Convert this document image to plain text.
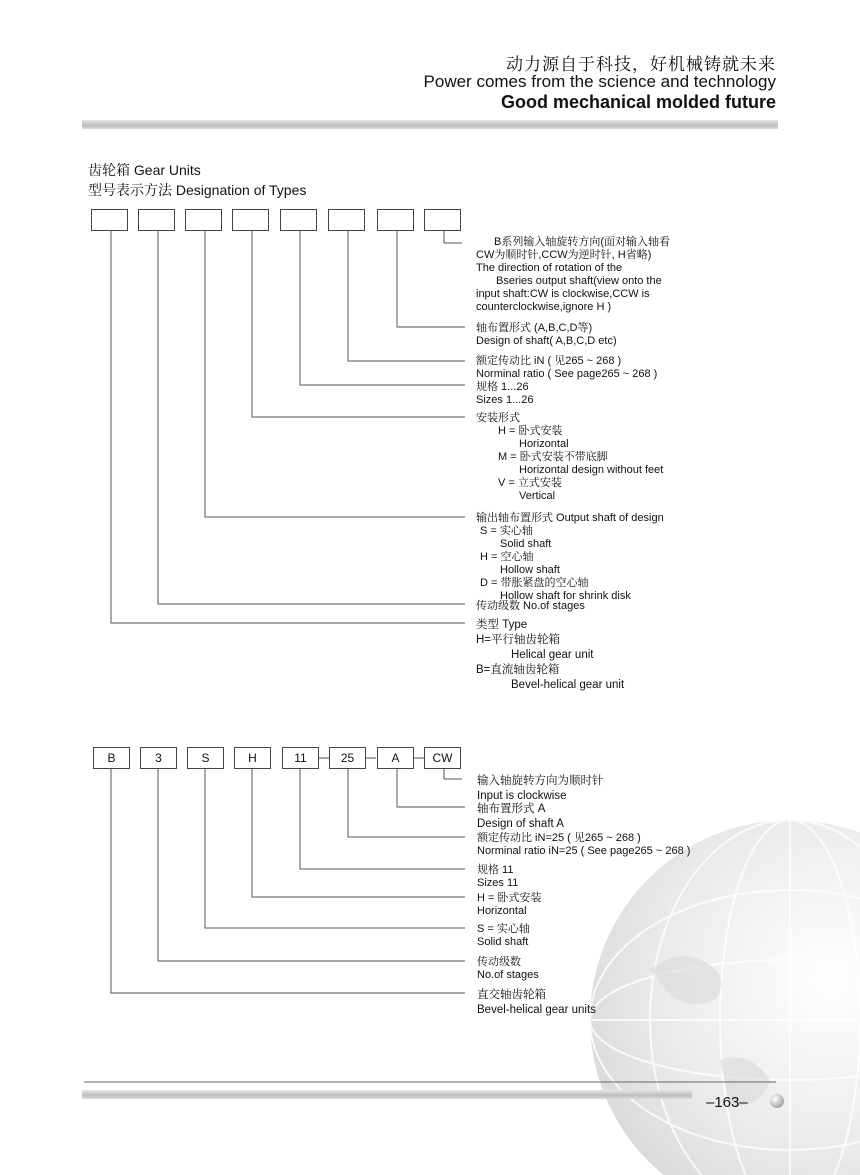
动力源自于科技，好机械铸就未来
Power comes from the science and technology
Good mechanical molded future
齿轮箱 Gear Units
型号表示方法 Designation of Types
B系列输入轴旋转方向(面对输入轴看
CW为顺时针,CCW为逆时针, H省略)
The direction of rotation of the
Bseries output shaft(view onto the
input shaft:CW is clockwise,CCW is
counterclockwise,ignore H )
轴布置形式 (A,B,C,D等)
Design of shaft( A,B,C,D etc)
额定传动比 iN ( 见265 ~ 268 )
Norminal ratio ( See page265 ~ 268 )
规格 1...26
Sizes 1...26
安装形式
H = 卧式安装
Horizontal
M = 卧式安装不带底脚
Horizontal design without feet
V = 立式安装
Vertical
输出轴布置形式 Output shaft of design
S = 实心轴
Solid shaft
H = 空心轴
Hollow shaft
D = 带胀紧盘的空心轴
Hollow shaft for shrink disk
传动级数 No.of stages
类型 Type
H=平行轴齿轮箱
Helical gear unit
B=直流轴齿轮箱
Bevel-helical gear unit
B	3	S	H	11	25	A	CW
输入轴旋转方向为顺时针
Input is clockwise
轴布置形式 A
Design of shaft A
额定传动比 iN=25 ( 见265 ~ 268 )
Norminal ratio iN=25 ( See page265 ~ 268 )
规格 11
Sizes 11
H = 卧式安装
Horizontal
S = 实心轴
Solid shaft
传动级数
No.of stages
直交轴齿轮箱
Bevel-helical gear units
–163–
